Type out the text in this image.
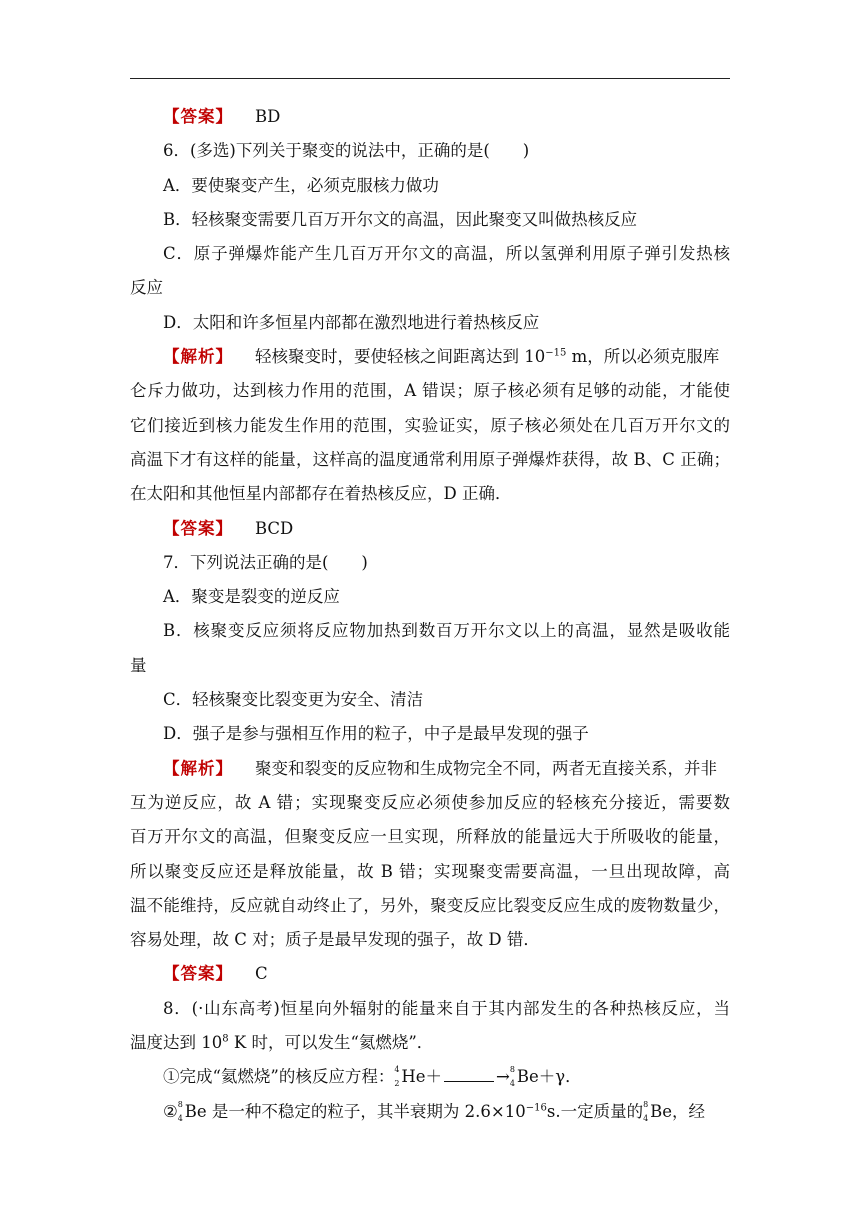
【答案】 BD
6．(多选)下列关于聚变的说法中，正确的是(　　)
A．要使聚变产生，必须克服核力做功
B．轻核聚变需要几百万开尔文的高温，因此聚变又叫做热核反应
C．原子弹爆炸能产生几百万开尔文的高温，所以氢弹利用原子弹引发热核
反应
D．太阳和许多恒星内部都在激烈地进行着热核反应
【解析】 轻核聚变时，要使轻核之间距离达到 $10^{-15}$ m，所以必须克服库
仑斥力做功，达到核力作用的范围，A 错误；原子核必须有足够的动能，才能使
它们接近到核力能发生作用的范围，实验证实，原子核必须处在几百万开尔文的
高温下才有这样的能量，这样高的温度通常利用原子弹爆炸获得，故 B、C 正确；
在太阳和其他恒星内部都存在着热核反应，D 正确．
【答案】 BCD
7．下列说法正确的是(　　)
A．聚变是裂变的逆反应
B．核聚变反应须将反应物加热到数百万开尔文以上的高温，显然是吸收能
量
C．轻核聚变比裂变更为安全、清洁
D．强子是参与强相互作用的粒子，中子是最早发现的强子
【解析】 聚变和裂变的反应物和生成物完全不同，两者无直接关系，并非
互为逆反应，故 A 错；实现聚变反应必须使参加反应的轻核充分接近，需要数
百万开尔文的高温，但聚变反应一旦实现，所释放的能量远大于所吸收的能量，
所以聚变反应还是释放能量，故 B 错；实现聚变需要高温，一旦出现故障，高
温不能维持，反应就自动终止了，另外，聚变反应比裂变反应生成的废物数量少，
容易处理，故 C 对；质子是最早发现的强子，故 D 错．
【答案】 C
8．(·山东高考)恒星向外辐射的能量来自于其内部发生的各种热核反应，当
温度达到 $10^8$ K 时，可以发生“氦燃烧”．
①完成“氦燃烧”的核反应方程： 4
2 He＋	→ 8
4 Be＋γ．
② 8
4 Be 是一种不稳定的粒子，其半衰期为 $2.6\times 10^{-16}s$.一定质量的 8
4 Be，经
